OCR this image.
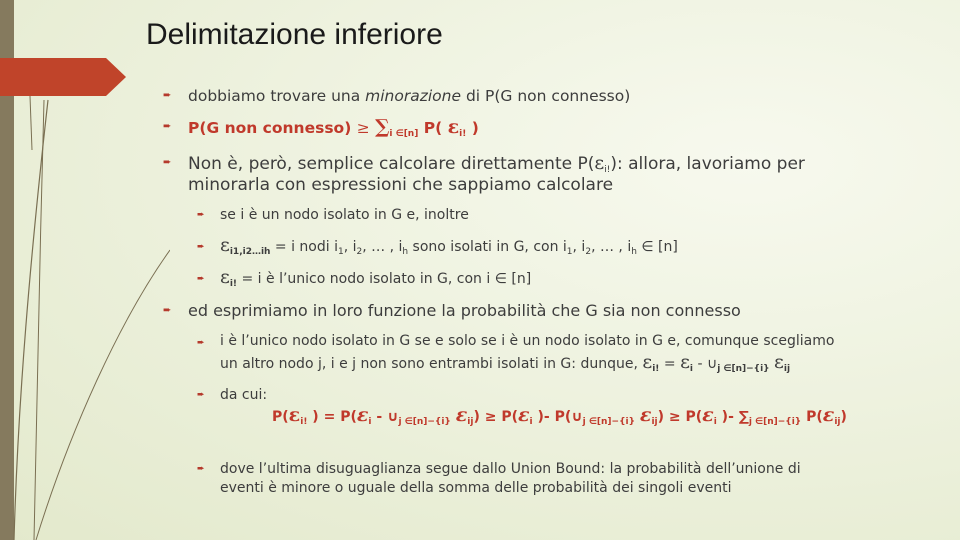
Delimitazione inferiore
➨ dobbiamo trovare una minorazione di P(G non connesso)
➨ P(G non connesso) ≥ $\sum_{i \in[n]}$ P( $\varepsilon_{i!}$ )
➨ Non è, però, semplice calcolare direttamente $P(\varepsilon_{i!})$: allora, lavoriamo per
minorarla con espressioni che sappiamo calcolare
➨ se i è un nodo isolato in G e, inoltre
➨ $\varepsilon_{i1,i2\dots ih} = i$ nodi $i_1$, $i_2$, … , $i_h$ sono isolati in G, con $i_1$, $i_2$, … , $i_h$ ∈ [n]
➨ $\varepsilon_{i!} = i$ è l’unico nodo isolato in G, con i ∈ [n]
➨ ed esprimiamo in loro funzione la probabilità che G sia non connesso
➨ i è l’unico nodo isolato in G se e solo se i è un nodo isolato in G e, comunque scegliamo
un altro nodo j, i e j non sono entrambi isolati in G: dunque, $\varepsilon_{i!} = \varepsilon_i$ - $\cup_{j \in[n]-\{i\}}$ $\varepsilon_{ij}$
➨ da cui:
$P(\varepsilon_{i!}$ ) = $P(\varepsilon_i$ - $\cup_{j \in[n]-\{i\}}$ $\varepsilon_{ij}) \ge P(\varepsilon_i$ )- $P(\cup_{j \in[n]-\{i\}}$ $\varepsilon_{ij}) \ge P(\varepsilon_i$ )- $\sum_{j \in[n]-\{i\}}$ $P(\varepsilon_{ij})$
➨ dove l’ultima disuguaglianza segue dallo Union Bound: la probabilità dell’unione di
eventi è minore o uguale della somma delle probabilità dei singoli eventi
